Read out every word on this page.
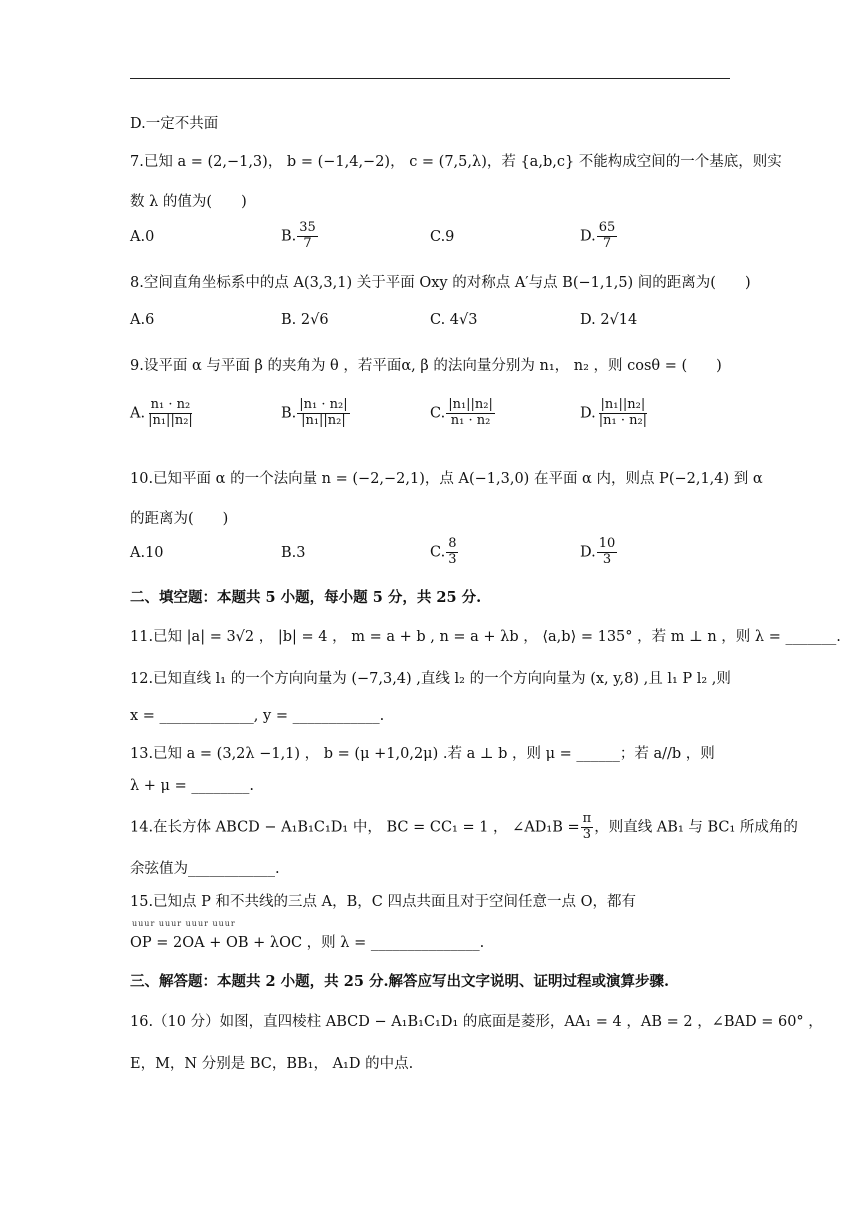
D.一定不共面
7.已知 a = (2,−1,3)， b = (−1,4,−2)， c = (7,5,λ)，若 {a,b,c} 不能构成空间的一个基底，则实
数 λ 的值为(　　)
A.0	B. $\frac{35}{7}$	C.9	D. $\frac{65}{7}$
8.空间直角坐标系中的点 A(3,3,1) 关于平面 Oxy 的对称点 A′与点 B(−1,1,5) 间的距离为(　　)
A.6	B. 2√6	C. 4√3	D. 2√14
9.设平面 α 与平面 β 的夹角为 θ ，若平面α, β 的法向量分别为 n₁， n₂ ，则 cosθ = (　　)
A. $\frac{\text{n₁ · n₂}}{\text{|n₁||n₂|}}$	B. $\frac{\text{|n₁ · n₂|}}{\text{|n₁||n₂|}}$	C. $\frac{\text{|n₁||n₂|}}{\text{n₁ · n₂}}$	D. $\frac{\text{|n₁||n₂|}}{\text{|n₁ · n₂|}}$
10.已知平面 α 的一个法向量 n = (−2,−2,1)，点 A(−1,3,0) 在平面 α 内，则点 P(−2,1,4) 到 α
的距离为(　　)
A.10	B.3	C. $\frac{8}{3}$	D. $\frac{10}{3}$
二、填空题：本题共 5 小题，每小题 5 分，共 25 分.
11.已知 |a| = 3√2 ， |b| = 4 ， m = a + b , n = a + λb ， ⟨a,b⟩ = 135° ，若 m ⊥ n ，则 λ = _______.
12.已知直线 l₁ 的一个方向向量为 (−7,3,4) ,直线 l₂ 的一个方向向量为 (x, y,8) ,且 l₁ P l₂ ,则
x = _____________, y = ____________.
13.已知 a = (3,2λ −1,1) ， b = (μ +1,0,2μ) .若 a ⊥ b ，则 μ = ______；若 a//b ，则
λ + μ = ________.
14.在长方体 ABCD − A₁B₁C₁D₁ 中， BC = CC₁ = 1 ， ∠AD₁B = $\frac{\pi}{3}$ ，则直线 AB₁ 与 BC₁ 所成角的
余弦值为____________.
15.已知点 P 和不共线的三点 A，B，C 四点共面且对于空间任意一点 O，都有
uuur uuur uuur uuur
OP = 2OA + OB + λOC ，则 λ = _______________.
三、解答题：本题共 2 小题，共 25 分.解答应写出文字说明、证明过程或演算步骤.
16.（10 分）如图，直四棱柱 ABCD − A₁B₁C₁D₁ 的底面是菱形，AA₁ = 4 ，AB = 2 ，∠BAD = 60° ，
E，M，N 分别是 BC，BB₁， A₁D 的中点.
